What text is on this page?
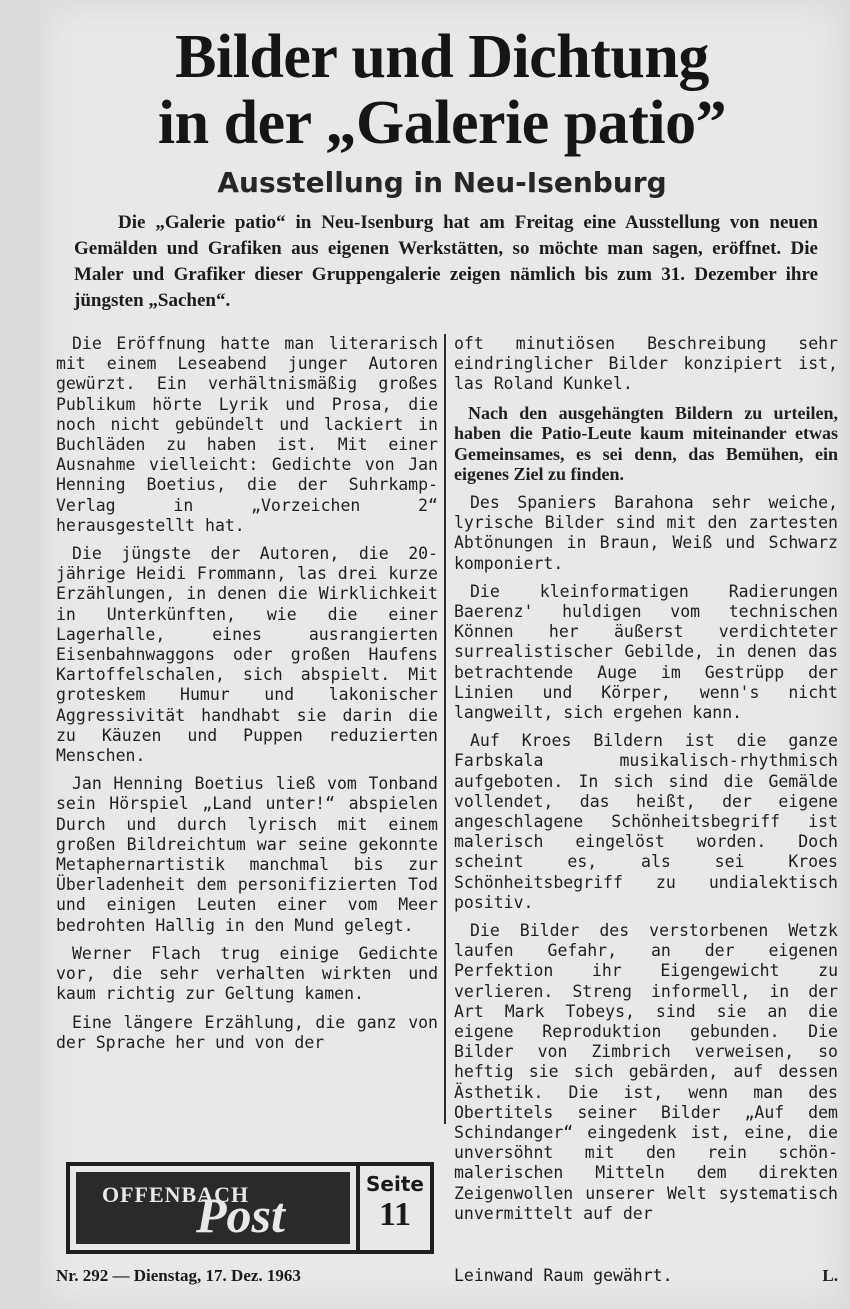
Bilder und Dichtung
in der „Galerie patio”
Ausstellung in Neu-Isenburg

Die „Galerie patio“ in Neu-Isenburg hat am Freitag eine Ausstellung von neuen Gemälden und Grafiken aus eigenen Werkstätten, so möchte man sagen, eröffnet. Die Maler und Grafiker dieser Gruppengalerie zeigen nämlich bis zum 31. Dezember ihre jüngsten „Sachen“.

Die Eröffnung hatte man literarisch mit einem Leseabend junger Autoren gewürzt. Ein verhältnismäßig großes Publikum hörte Lyrik und Prosa, die noch nicht gebündelt und lackiert in Buchläden zu haben ist. Mit einer Ausnahme vielleicht: Gedichte von Jan Henning Boetius, die der Suhrkamp-Verlag in „Vorzeichen 2“ herausgestellt hat.

Die jüngste der Autoren, die 20-jährige Heidi Frommann, las drei kurze Erzählungen, in denen die Wirklichkeit in Unterkünften, wie die einer Lagerhalle, eines ausrangierten Eisenbahnwaggons oder großen Haufens Kartoffelschalen, sich abspielt. Mit groteskem Humur und lakonischer Aggressivität handhabt sie darin die zu Käuzen und Puppen reduzierten Menschen.

Jan Henning Boetius ließ vom Tonband sein Hörspiel „Land unter!“ abspielen Durch und durch lyrisch mit einem großen Bildreichtum war seine gekonnte Metaphernartistik manchmal bis zur Überladenheit dem personifizierten Tod und einigen Leuten einer vom Meer bedrohten Hallig in den Mund gelegt.

Werner Flach trug einige Gedichte vor, die sehr verhalten wirkten und kaum richtig zur Geltung kamen.

Eine längere Erzählung, die ganz von der Sprache her und von der

oft minutiösen Beschreibung sehr eindringlicher Bilder konzipiert ist, las Roland Kunkel.

Nach den ausgehängten Bildern zu urteilen, haben die Patio-Leute kaum miteinander etwas Gemeinsames, es sei denn, das Bemühen, ein eigenes Ziel zu finden.

Des Spaniers Barahona sehr weiche, lyrische Bilder sind mit den zartesten Abtönungen in Braun, Weiß und Schwarz komponiert.

Die kleinformatigen Radierungen Baerenz' huldigen vom technischen Können her äußerst verdichteter surrealistischer Gebilde, in denen das betrachtende Auge im Gestrüpp der Linien und Körper, wenn's nicht langweilt, sich ergehen kann.

Auf Kroes Bildern ist die ganze Farbskala musikalisch-rhythmisch aufgeboten. In sich sind die Gemälde vollendet, das heißt, der eigene angeschlagene Schönheitsbegriff ist malerisch eingelöst worden. Doch scheint es, als sei Kroes Schönheitsbegriff zu undialektisch positiv.

Die Bilder des verstorbenen Wetzk laufen Gefahr, an der eigenen Perfektion ihr Eigengewicht zu verlieren. Streng informell, in der Art Mark Tobeys, sind sie an die eigene Reproduktion gebunden. Die Bilder von Zimbrich verweisen, so heftig sie sich gebärden, auf dessen Ästhetik. Die ist, wenn man des Obertitels seiner Bilder „Auf dem Schindanger“ eingedenk ist, eine, die unversöhnt mit den rein schön-malerischen Mitteln dem direkten Zeigenwollen unserer Welt systematisch unvermittelt auf der

OFFENBACH
Post
Seite
11
Nr. 292 — Dienstag, 17. Dez. 1963	Leinwand Raum gewährt.	L.
